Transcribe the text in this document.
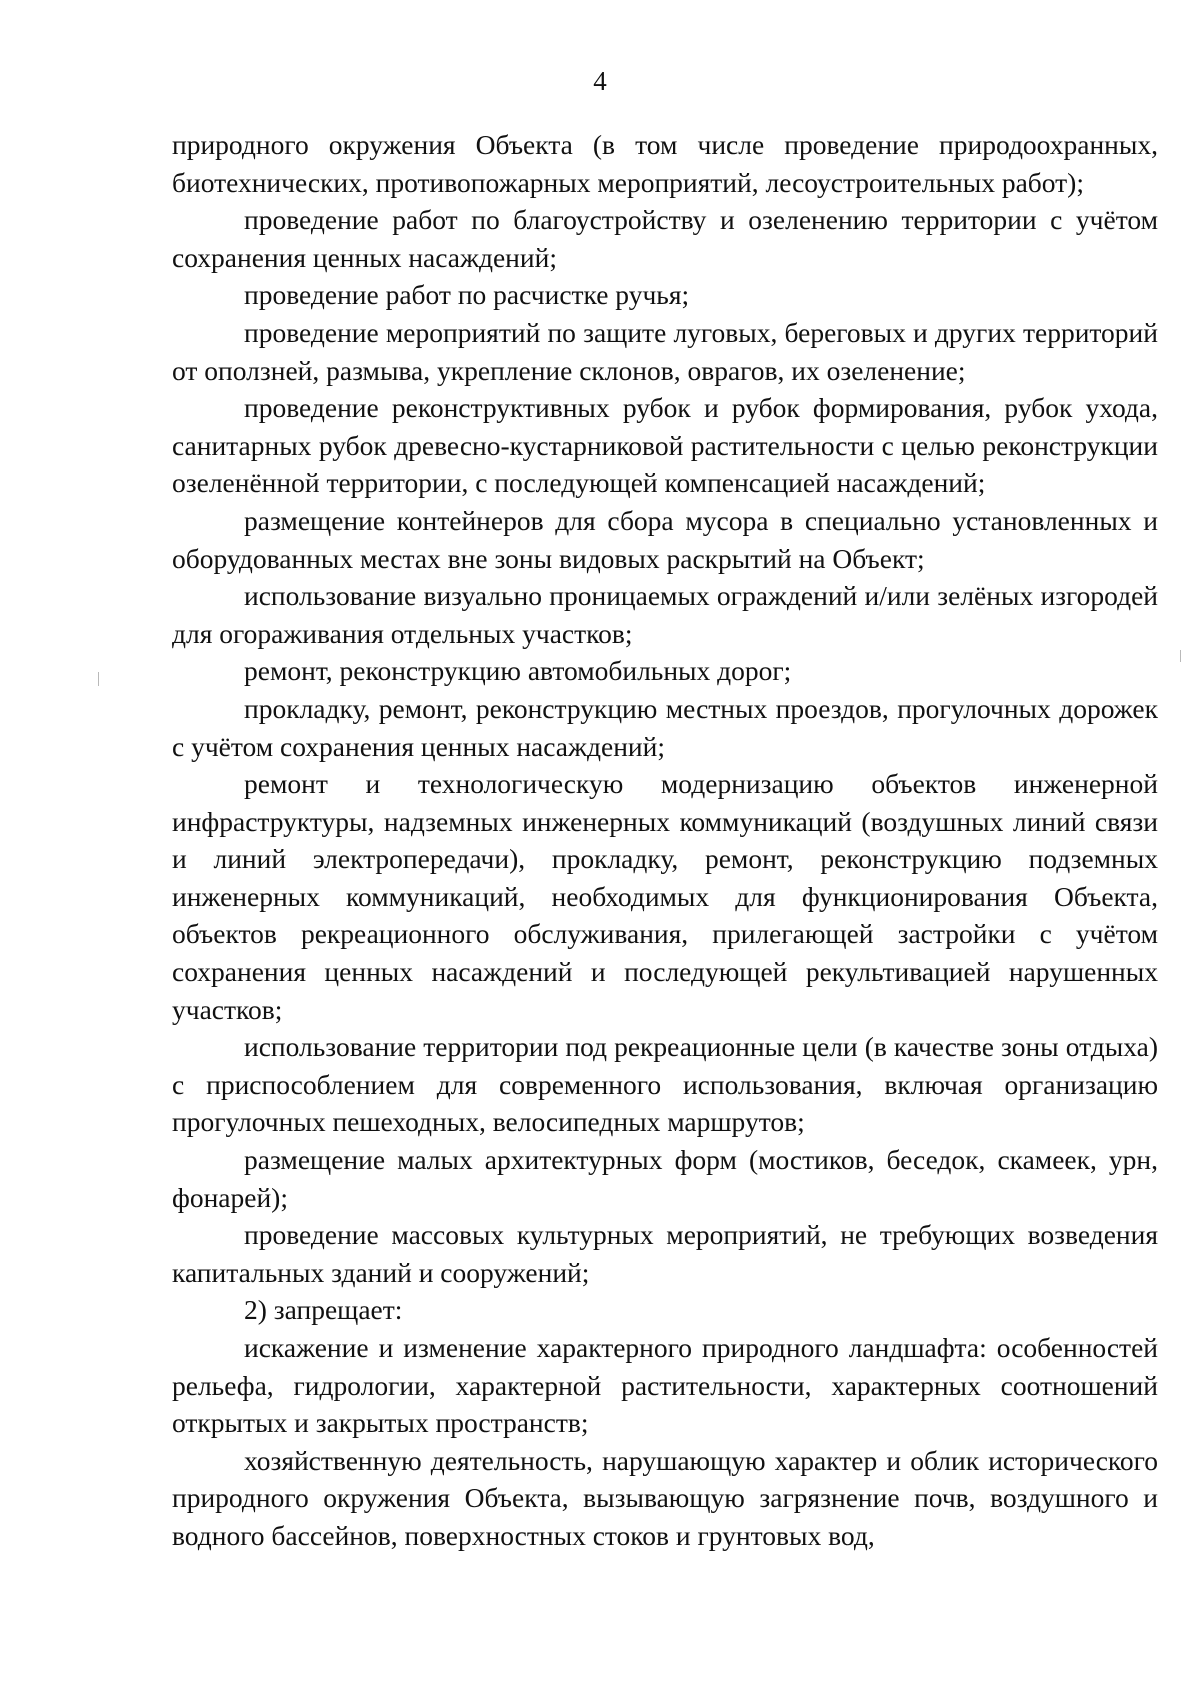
4

природного окружения Объекта (в том числе проведение природоохранных, биотехнических, противопожарных мероприятий, лесоустроительных работ);

проведение работ по благоустройству и озеленению территории с учётом сохранения ценных насаждений;

проведение работ по расчистке ручья;

проведение мероприятий по защите луговых, береговых и других территорий от оползней, размыва, укрепление склонов, оврагов, их озеленение;

проведение реконструктивных рубок и рубок формирования, рубок ухода, санитарных рубок древесно-кустарниковой растительности с целью реконструкции озеленённой территории, с последующей компенсацией насаждений;

размещение контейнеров для сбора мусора в специально установленных и оборудованных местах вне зоны видовых раскрытий на Объект;

использование визуально проницаемых ограждений и/или зелёных изгородей для огораживания отдельных участков;

ремонт, реконструкцию автомобильных дорог;

прокладку, ремонт, реконструкцию местных проездов, прогулочных дорожек с учётом сохранения ценных насаждений;

ремонт и технологическую модернизацию объектов инженерной инфраструктуры, надземных инженерных коммуникаций (воздушных линий связи и линий электропередачи), прокладку, ремонт, реконструкцию подземных инженерных коммуникаций, необходимых для функционирования Объекта, объектов рекреационного обслуживания, прилегающей застройки с учётом сохранения ценных насаждений и последующей рекультивацией нарушенных участков;

использование территории под рекреационные цели (в качестве зоны отдыха) с приспособлением для современного использования, включая организацию прогулочных пешеходных, велосипедных маршрутов;

размещение малых архитектурных форм (мостиков, беседок, скамеек, урн, фонарей);

проведение массовых культурных мероприятий, не требующих возведения капитальных зданий и сооружений;

2) запрещает:

искажение и изменение характерного природного ландшафта: особенностей рельефа, гидрологии, характерной растительности, характерных соотношений открытых и закрытых пространств;

хозяйственную деятельность, нарушающую характер и облик исторического природного окружения Объекта, вызывающую загрязнение почв, воздушного и водного бассейнов, поверхностных стоков и грунтовых вод,
